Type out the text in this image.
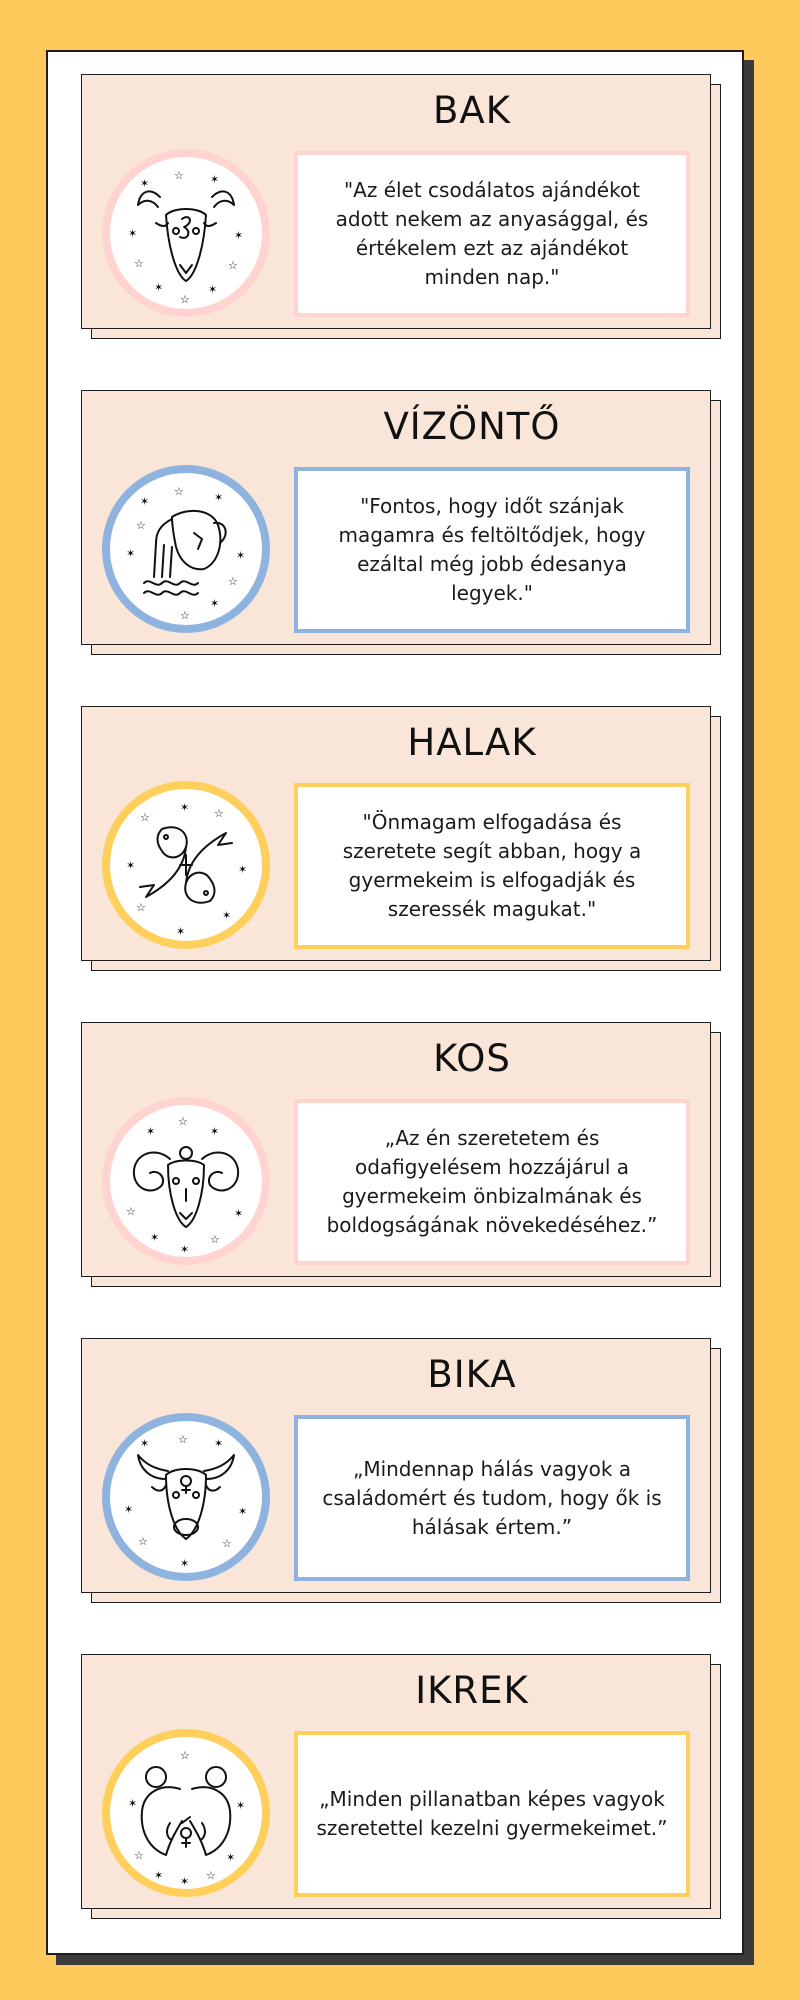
BAK
✶
☆ ✶
✶	✶
☆	☆
✶	✶
☆
"Az élet csodálatos ajándékot adott nekem az anyasággal, és értékelem ezt az ajándékot minden nap."
VÍZÖNTŐ
✶
☆	✶
✶	✶
☆
✶
☆
☆
"Fontos, hogy időt szánjak magamra és feltöltődjek, hogy ezáltal még jobb édesanya legyek."
HALAK
☆
✶ ☆
✶	✶
☆
✶
✶
"Önmagam elfogadása és szeretete segít abban, hogy a gyermekeim is elfogadják és szeressék magukat."
KOS
✶
☆
✶
☆	✶
✶	☆
✶
„Az én szeretetem és odafigyelésem hozzájárul a gyermekeim önbizalmának és boldogságának növekedéséhez.”
BIKA
✶	☆ ✶
✶	✶
☆	☆
✶
„Mindennap hálás vagyok a családomért és tudom, hogy ők is hálásak értem.”
IKREK
☆
✶	✶
☆	✶
✶	☆
✶
„Minden pillanatban képes vagyok szeretettel kezelni gyermekeimet.”
